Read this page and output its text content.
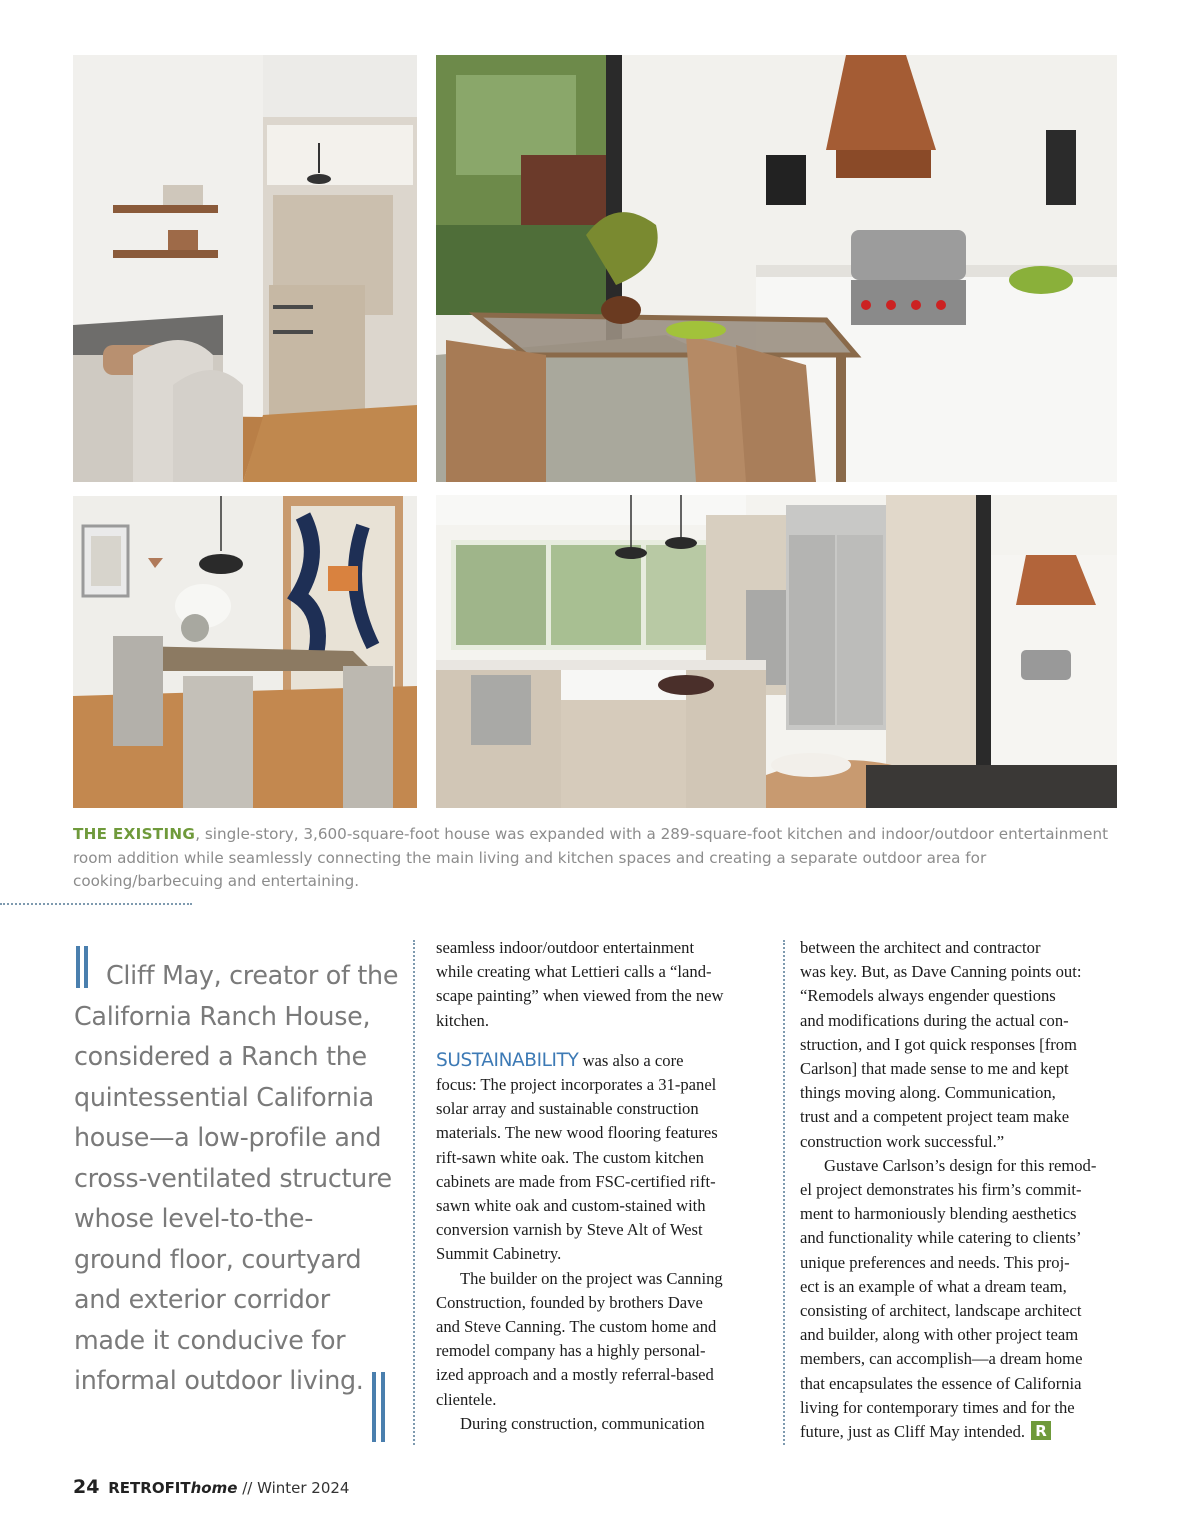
THE EXISTING, single-story, 3,600-square-foot house was expanded with a 289-square-foot kitchen and indoor/outdoor entertainment room addition while seamlessly connecting the main living and kitchen spaces and creating a separate outdoor area for cooking/barbecuing and entertaining.
Cliff May, creator of the
California Ranch House,
considered a Ranch the
quintessential California
house—a low-profile and
cross-ventilated structure
whose level-to-the-
ground floor, courtyard
and exterior corridor
made it conducive for
informal outdoor living.
seamless indoor/outdoor entertainment
while creating what Lettieri calls a “land-
scape painting” when viewed from the new
kitchen.
SUSTAINABILITY was also a core
focus: The project incorporates a 31-panel
solar array and sustainable construction
materials. The new wood flooring features
rift-sawn white oak. The custom kitchen
cabinets are made from FSC-certified rift-
sawn white oak and custom-stained with
conversion varnish by Steve Alt of West
Summit Cabinetry.
The builder on the project was Canning
Construction, founded by brothers Dave
and Steve Canning. The custom home and
remodel company has a highly personal-
ized approach and a mostly referral-based
clientele.
During construction, communication
between the architect and contractor
was key. But, as Dave Canning points out:
“Remodels always engender questions
and modifications during the actual con-
struction, and I got quick responses [from
Carlson] that made sense to me and kept
things moving along. Communication,
trust and a competent project team make
construction work successful.”
Gustave Carlson’s design for this remod-
el project demonstrates his firm’s commit-
ment to harmoniously blending aesthetics
and functionality while catering to clients’
unique preferences and needs. This proj-
ect is an example of what a dream team,
consisting of architect, landscape architect
and builder, along with other project team
members, can accomplish—a dream home
that encapsulates the essence of California
living for contemporary times and for the
future, just as Cliff May intended. R
24 RETROFIThome // Winter 2024
